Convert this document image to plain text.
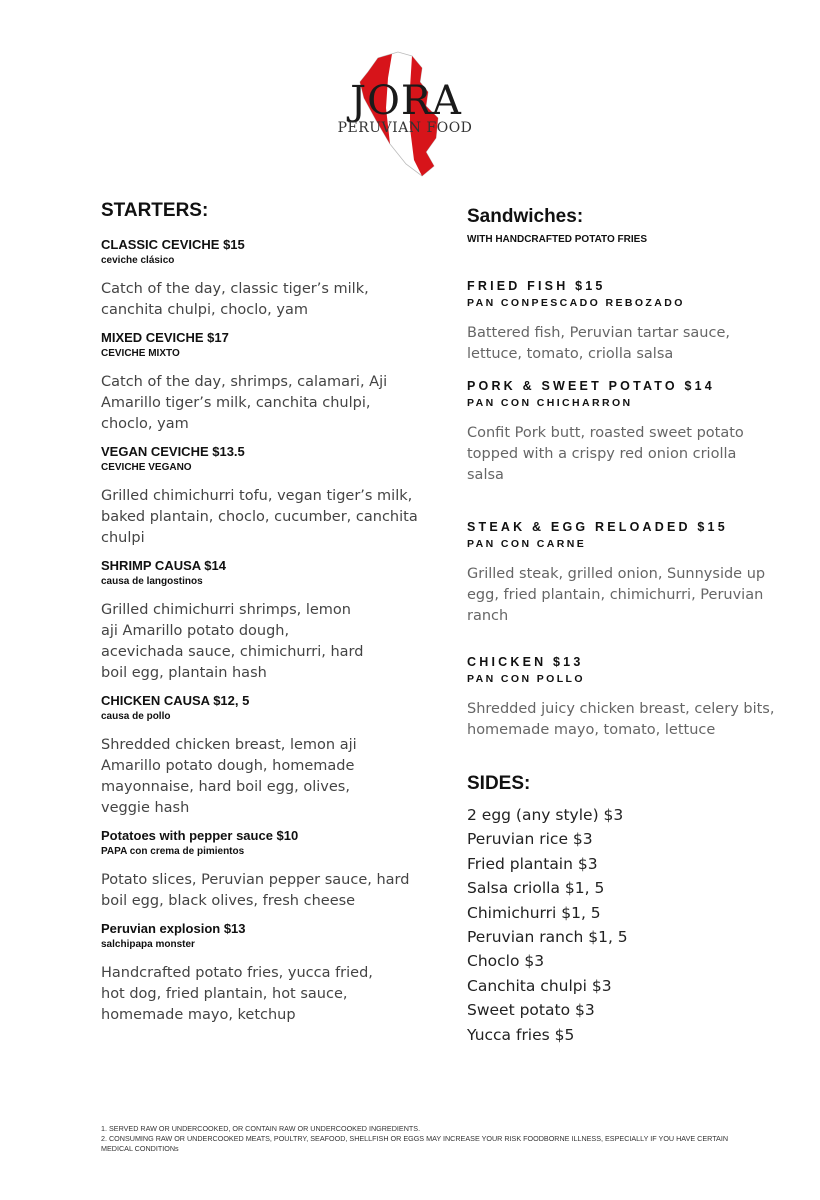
JORA
PERUVIAN FOOD
STARTERS:
CLASSIC CEVICHE $15
ceviche clásico
Catch of the day, classic tiger’s milk, canchita chulpi, choclo, yam
MIXED CEVICHE $17
CEVICHE MIXTO
Catch of the day, shrimps, calamari, Aji Amarillo tiger’s milk, canchita chulpi, choclo, yam
VEGAN CEVICHE $13.5
CEVICHE VEGANO
Grilled chimichurri tofu, vegan tiger’s milk, baked plantain, choclo, cucumber, canchita chulpi
SHRIMP CAUSA $14
causa de langostinos
Grilled chimichurri shrimps, lemon aji Amarillo potato dough, acevichada sauce, chimichurri, hard boil egg, plantain hash
CHICKEN CAUSA $12, 5
causa de pollo
Shredded chicken breast, lemon aji Amarillo potato dough, homemade mayonnaise, hard boil egg, olives, veggie hash
Potatoes with pepper sauce $10
PAPA con crema de pimientos
Potato slices, Peruvian pepper sauce, hard boil egg, black olives, fresh cheese
Peruvian explosion $13
salchipapa monster
Handcrafted potato fries, yucca fried, hot dog, fried plantain, hot sauce, homemade mayo, ketchup
Sandwiches:
WITH HANDCRAFTED POTATO FRIES
FRIED FISH $15
PAN CONPESCADO REBOZADO
Battered fish, Peruvian tartar sauce, lettuce, tomato, criolla salsa
PORK & SWEET POTATO $14
PAN CON CHICHARRON
Confit Pork butt, roasted sweet potato topped with a crispy red onion criolla salsa
STEAK & EGG RELOADED $15
PAN CON CARNE
Grilled steak, grilled onion, Sunnyside up egg, fried plantain, chimichurri, Peruvian ranch
CHICKEN $13
PAN CON POLLO
Shredded juicy chicken breast, celery bits, homemade mayo, tomato, lettuce
SIDES:
2 egg (any style) $3
Peruvian rice $3
Fried plantain $3
Salsa criolla $1, 5
Chimichurri $1, 5
Peruvian ranch $1, 5
Choclo $3
Canchita chulpi $3
Sweet potato $3
Yucca fries $5
1. SERVED RAW OR UNDERCOOKED, OR CONTAIN RAW OR UNDERCOOKED INGREDIENTS.
2. CONSUMING RAW OR UNDERCOOKED MEATS, POULTRY, SEAFOOD, SHELLFISH OR EGGS MAY INCREASE YOUR RISK FOODBORNE ILLNESS, ESPECIALLY IF YOU HAVE CERTAIN MEDICAL CONDITIONs
